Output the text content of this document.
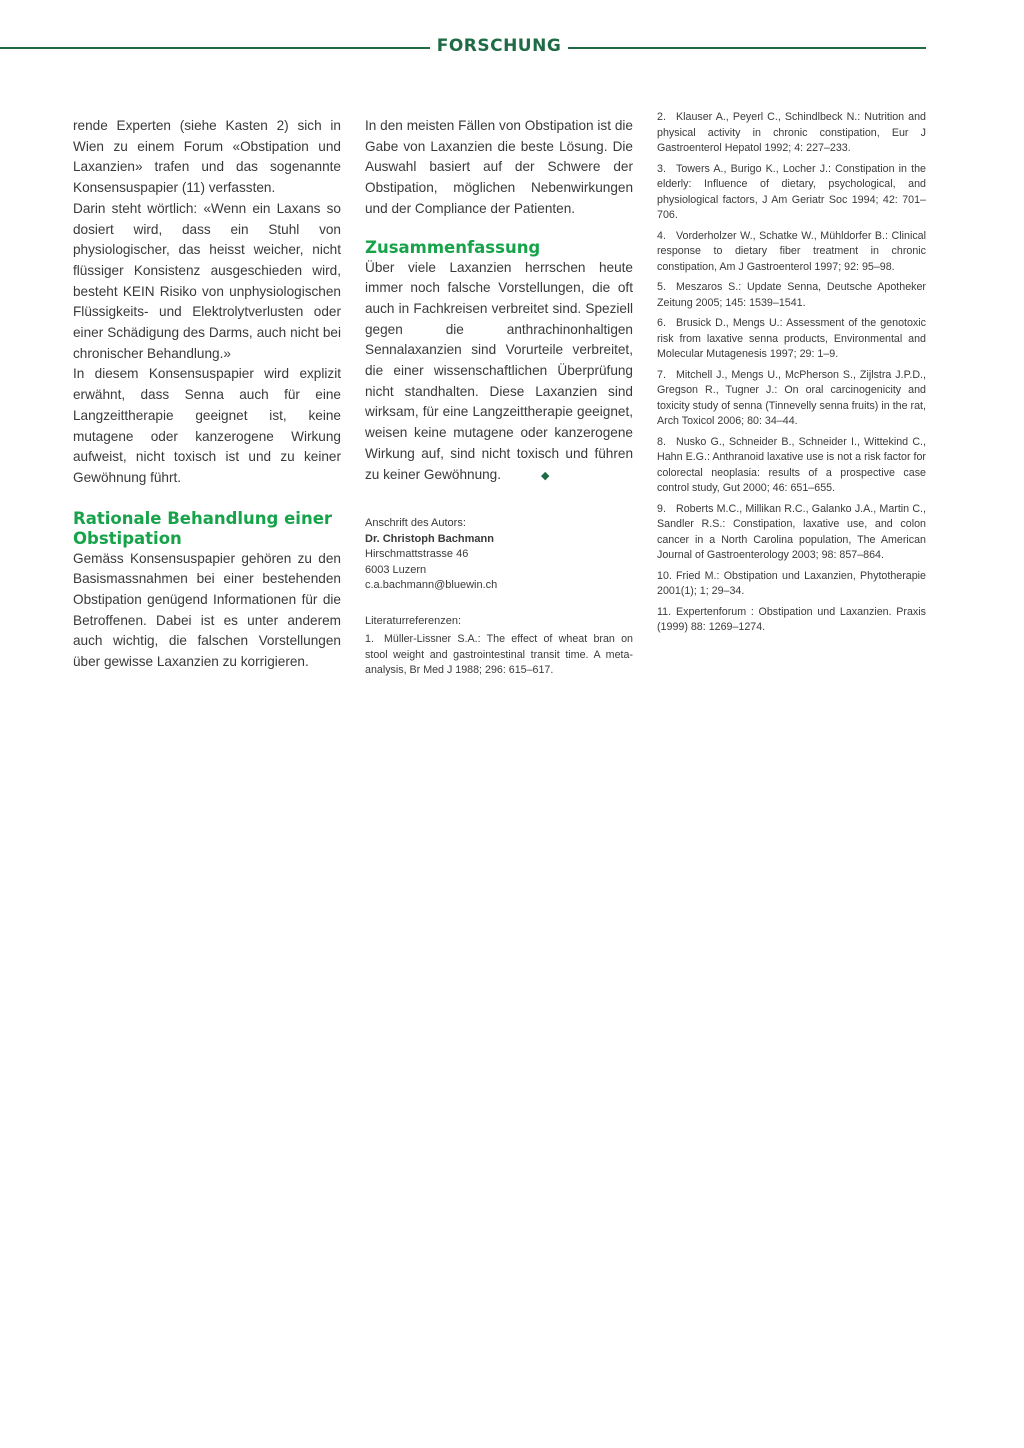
FORSCHUNG

rende Experten (siehe Kasten 2) sich in Wien zu einem Forum «Obstipation und Laxanzien» trafen und das sogenannte Konsensuspapier (11) verfassten.

Darin steht wörtlich: «Wenn ein Laxans so dosiert wird, dass ein Stuhl von physiologischer, das heisst weicher, nicht flüssiger Konsistenz ausgeschieden wird, besteht KEIN Risiko von unphysiologischen Flüssigkeits- und Elektrolytverlusten oder einer Schädigung des Darms, auch nicht bei chronischer Behandlung.»

In diesem Konsensuspapier wird explizit erwähnt, dass Senna auch für eine Langzeittherapie geeignet ist, keine mutagene oder kanzerogene Wirkung aufweist, nicht toxisch ist und zu keiner Gewöhnung führt.

Rationale Behandlung einer Obstipation

Gemäss Konsensuspapier gehören zu den Basismassnahmen bei einer bestehenden Obstipation genügend Informationen für die Betroffenen. Dabei ist es unter anderem auch wichtig, die falschen Vorstellungen über gewisse Laxanzien zu korrigieren.

In den meisten Fällen von Obstipation ist die Gabe von Laxanzien die beste Lösung. Die Auswahl basiert auf der Schwere der Obstipation, möglichen Nebenwirkungen und der Compliance der Patienten.

Zusammenfassung

Über viele Laxanzien herrschen heute immer noch falsche Vorstellungen, die oft auch in Fachkreisen verbreitet sind. Speziell gegen die anthrachinonhaltigen Sennalaxanzien sind Vorurteile verbreitet, die einer wissenschaftlichen Überprüfung nicht standhalten. Diese Laxanzien sind wirksam, für eine Langzeittherapie geeignet, weisen keine mutagene oder kanzerogene Wirkung auf, sind nicht toxisch und führen zu keiner Gewöhnung.	◆

Anschrift des Autors:
Dr. Christoph Bachmann
Hirschmattstrasse 46
6003 Luzern
c.a.bachmann@bluewin.ch
Literaturreferenzen:

1. Müller-Lissner S.A.: The effect of wheat bran on stool weight and gastrointestinal transit time. A meta-analysis, Br Med J 1988; 296: 615–617.

2. Klauser A., Peyerl C., Schindlbeck N.: Nutrition and physical activity in chronic constipation, Eur J Gastroenterol Hepatol 1992; 4: 227–233.

3. Towers A., Burigo K., Locher J.: Constipation in the elderly: Influence of dietary, psychological, and physiological factors, J Am Geriatr Soc 1994; 42: 701–706.

4. Vorderholzer W., Schatke W., Mühldorfer B.: Clinical response to dietary fiber treatment in chronic constipation, Am J Gastroenterol 1997; 92: 95–98.

5. Meszaros S.: Update Senna, Deutsche Apotheker Zeitung 2005; 145: 1539–1541.

6. Brusick D., Mengs U.: Assessment of the genotoxic risk from laxative senna products, Environmental and Molecular Mutagenesis 1997; 29: 1–9.

7. Mitchell J., Mengs U., McPherson S., Zijlstra J.P.D., Gregson R., Tugner J.: On oral carcinogenicity and toxicity study of senna (Tinnevelly senna fruits) in the rat, Arch Toxicol 2006; 80: 34–44.

8. Nusko G., Schneider B., Schneider I., Wittekind C., Hahn E.G.: Anthranoid laxative use is not a risk factor for colorectal neoplasia: results of a prospective case control study, Gut 2000; 46: 651–655.

9. Roberts M.C., Millikan R.C., Galanko J.A., Martin C., Sandler R.S.: Constipation, laxative use, and colon cancer in a North Carolina population, The American Journal of Gastroenterology 2003; 98: 857–864.

10. Fried M.: Obstipation und Laxanzien, Phytotherapie 2001(1); 1; 29–34.

11. Expertenforum : Obstipation und Laxanzien. Praxis (1999) 88: 1269–1274.
